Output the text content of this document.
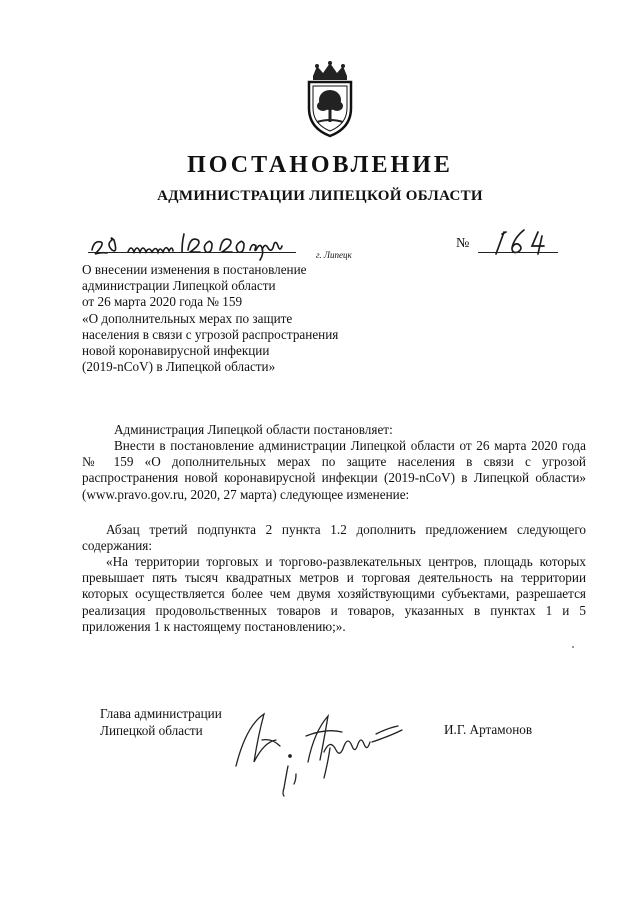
ПОСТАНОВЛЕНИЕ
АДМИНИСТРАЦИИ ЛИПЕЦКОЙ ОБЛАСТИ
г. Липецк
№
О внесении изменения в постановление
администрации Липецкой области
от 26 марта 2020 года № 159
«О дополнительных мерах по защите
населения в связи с угрозой распространения
новой коронавирусной инфекции
(2019-nCoV) в Липецкой области»
Администрация Липецкой области постановляет:
Внести в постановление администрации Липецкой области от 26 марта 2020 года № 159 «О дополнительных мерах по защите населения в связи с угрозой распространения новой коронавирусной инфекции (2019-nCoV) в Липецкой области» (www.pravo.gov.ru, 2020, 27 марта) следующее изменение:
Абзац третий подпункта 2 пункта 1.2 дополнить предложением следующего содержания:
«На территории торговых и торгово-развлекательных центров, площадь которых превышает пять тысяч квадратных метров и торговая деятельность на территории которых осуществляется более чем двумя хозяйствующими субъектами, разрешается реализация продовольственных товаров и товаров, указанных в пунктах 1 и 5 приложения 1 к настоящему постановлению;».
Глава администрации
Липецкой области	И.Г. Артамонов
